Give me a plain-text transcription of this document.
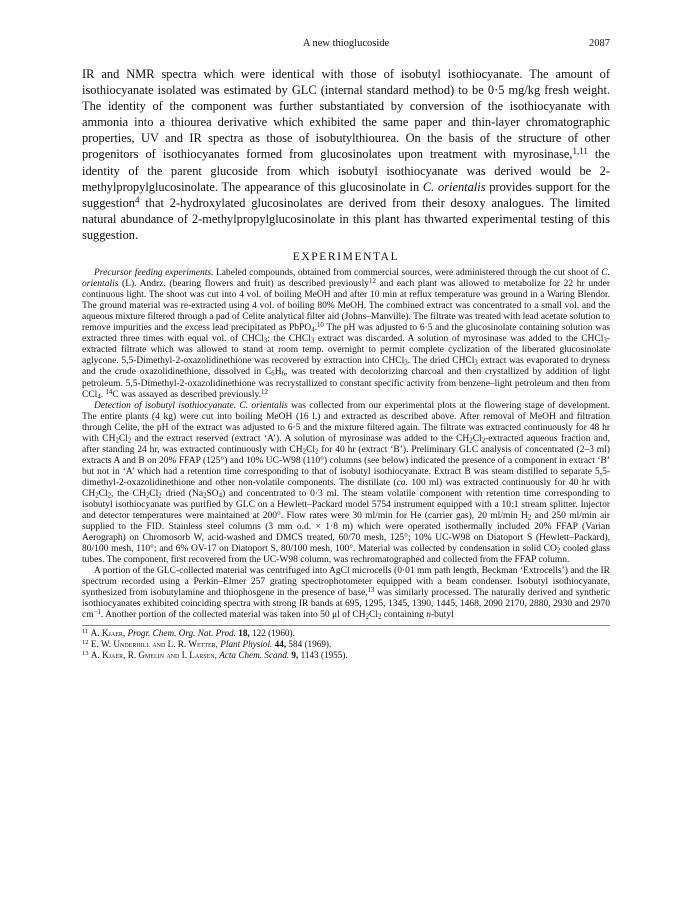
A new thioglucoside	2087

IR and NMR spectra which were identical with those of isobutyl isothiocyanate. The amount of isothiocyanate isolated was estimated by GLC (internal standard method) to be 0·5 mg/kg fresh weight. The identity of the component was further substantiated by conversion of the isothiocyanate with ammonia into a thiourea derivative which exhibited the same paper and thin-layer chromatographic properties, UV and IR spectra as those of isobutylthiourea. On the basis of the structure of other progenitors of isothiocyanates formed from glucosinolates upon treatment with myrosinase,$^{1,11}$ the identity of the parent glucoside from which isobutyl isothiocyanate was derived would be 2-methylpropylglucosinolate. The appearance of this glucosinolate in C. orientalis provides support for the suggestion$^4$ that 2-hydroxylated glucosinolates are derived from their desoxy analogues. The limited natural abundance of 2-methylpropylglucosinolate in this plant has thwarted experimental testing of this suggestion.

EXPERIMENTAL

Precursor feeding experiments. Labeled compounds, obtained from commercial sources, were administered through the cut shoot of C. orientalis (L). Andrz. (bearing flowers and fruit) as described previously$^{12}$ and each plant was allowed to metabolize for 22 hr under continuous light. The shoot was cut into 4 vol. of boiling MeOH and after 10 min at reflux temperature was ground in a Waring Blendor. The ground material was re-extracted using 4 vol. of boiling 80% MeOH. The combined extract was concentrated to a small vol. and the aqueous mixture filtered through a pad of Celite analytical filter aid (Johns–Manville). The filtrate was treated with lead acetate solution to remove impurities and the excess lead precipitated as PbPO$_4$.$^{10}$ The pH was adjusted to 6·5 and the glucosinolate containing solution was extracted three times with equal vol. of CHCl$_3$; the CHCl$_3$ extract was discarded. A solution of myrosinase was added to the CHCl$_3$-extracted filtrate which was allowed to stand at room temp. overnight to permit complete cyclization of the liberated glucosinolate aglycone. 5,5-Dimethyl-2-oxazolidinethione was recovered by extraction into CHCl$_3$. The dried CHCl$_3$ extract was evaporated to dryness and the crude oxazolidinethione, dissolved in $C_6H_6$, was treated with decolorizing charcoal and then crystallized by addition of light petroleum. 5,5-Dimethyl-2-oxazolidinethione was recrystallized to constant specific activity from benzene–light petroleum and then from CCl$_4$. $^{14}$C was assayed as described previously.$^{12}$

Detection of isobutyl isothiocyanate. C. orientalis was collected from our experimental plots at the flowering stage of development. The entire plants (4 kg) were cut into boiling MeOH (16 l.) and extracted as described above. After removal of MeOH and filtration through Celite, the pH of the extract was adjusted to 6·5 and the mixture filtered again. The filtrate was extracted continuously for 48 hr with $CH_2Cl_2$ and the extract reserved (extract ‘A’). A solution of myrosinase was added to the $CH_2Cl_2$-extracted aqueous fraction and, after standing 24 hr, was extracted continuously with $CH_2Cl_2$ for 40 hr (extract ‘B’). Preliminary GLC analysis of concentrated (2–3 ml) extracts A and B on 20% FFAP (125°) and 10% UC-W98 (110°) columns (see below) indicated the presence of a component in extract ‘B’ but not in ‘A’ which had a retention time corresponding to that of isobutyl isothiocyanate. Extract B was steam distilled to separate 5,5-dimethyl-2-oxazolidinethione and other non-volatile components. The distillate (ca. 100 ml) was extracted continuously for 40 hr with $CH_2Cl_2$, the $CH_2Cl_2$ dried $(Na_2SO_4)$ and concentrated to 0·3 ml. The steam volatile component with retention time corresponding to isobutyl isothiocyanate was purified by GLC on a Hewlett–Packard model 5754 instrument equipped with a 10:1 stream splitter. Injector and detector temperatures were maintained at 200°. Flow rates were 30 ml/min for He (carrier gas), 20 ml/min $H_2$ and 250 ml/min air supplied to the FID. Stainless steel columns (3 mm o.d. × 1·8 m) which were operated isothermally included 20% FFAP (Varian Aerograph) on Chromosorb W, acid-washed and DMCS treated, 60/70 mesh, 125°; 10% UC-W98 on Diatoport S (Hewlett–Packard), 80/100 mesh, 110°; and 6% OV-17 on Diatoport S, 80/100 mesh, 100°. Material was collected by condensation in solid $CO_2$ cooled glass tubes. The component, first recovered from the UC-W98 column, was rechromatographed and collected from the FFAP column.

A portion of the GLC-collected material was centrifuged into AgCl microcells (0·01 mm path length, Beckman ‘Extrocells’) and the IR spectrum recorded using a Perkin–Elmer 257 grating spectrophotometer equipped with a beam condenser. Isobutyl isothiocyanate, synthesized from isobutylamine and thiophosgene in the presence of base,$^{13}$ was similarly processed. The naturally derived and synthetic isothiocyanates exhibited coinciding spectra with strong IR bands at 695, 1295, 1345, 1390, 1445, 1468, 2090 2170, 2880, 2930 and 2970 $cm^{-1}$. Another portion of the collected material was taken into 50 μl of $CH_2Cl_2$ containing n-butyl

$^{11}$ A. Kjaer, Progr. Chem. Org. Nat. Prod. 18, 122 (1960).

$^{12}$ E. W. Underhill and L. R. Wetter, Plant Physiol. 44, 584 (1969).

$^{13}$ A. Kjaer, R. Gmelin and I. Larsen, Acta Chem. Scand. 9, 1143 (1955).
